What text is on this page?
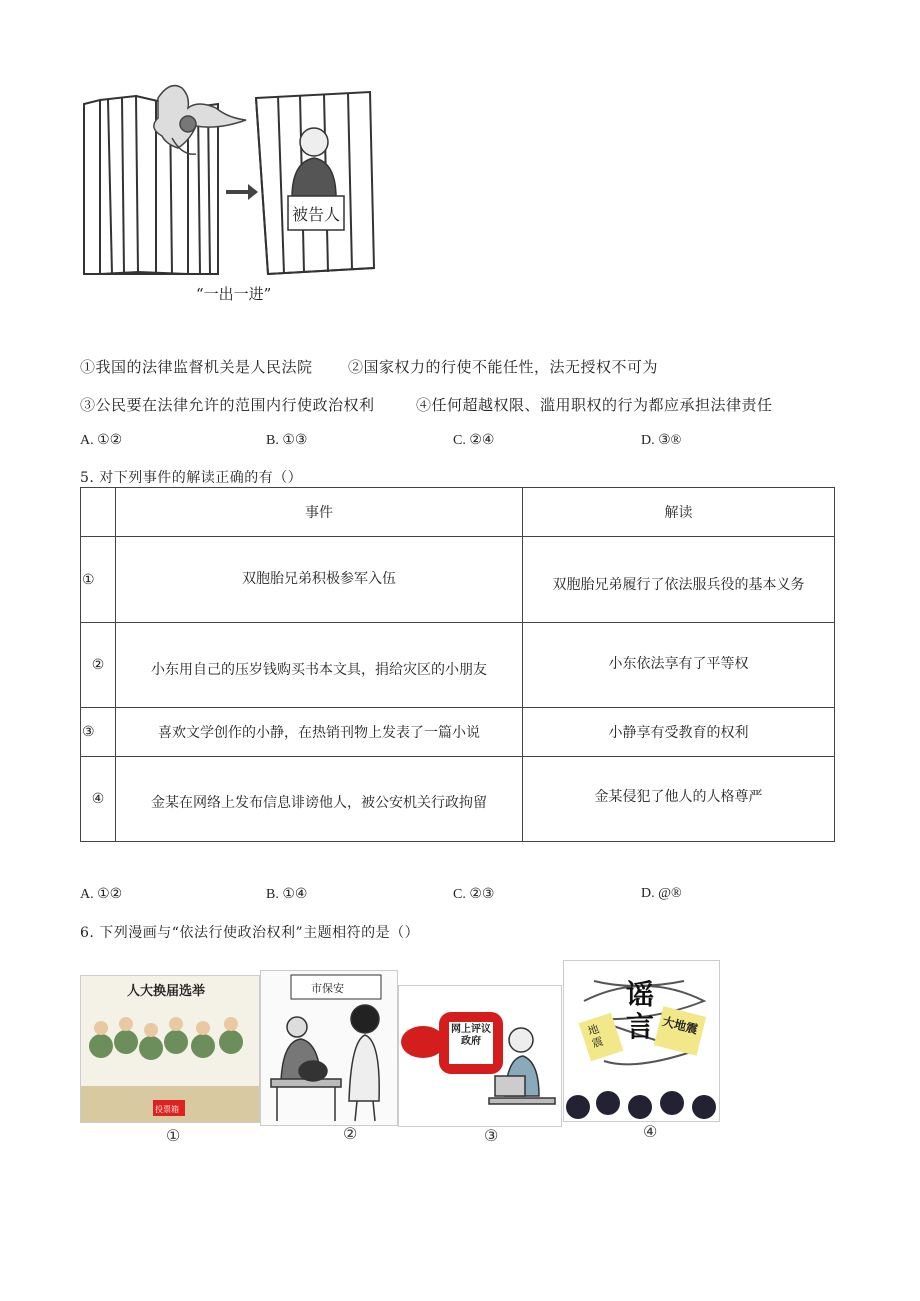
被告人
“一出一进”
①我国的法律监督机关是人民法院 ②国家权力的行使不能任性，法无授权不可为
③公民要在法律允许的范围内行使政治权利	④任何超越权限、滥用职权的行为都应承担法律责任
A. ①②	B. ①③	C. ②④	D. ③®
5. 对下列事件的解读正确的有（）
	事件	解读
①	双胞胎兄弟积极参军入伍	双胞胎兄弟履行了依法服兵役的基本义务
②	小东用自己的压岁钱购买书本文具，捐给灾区的小朋友	小东依法享有了平等权
③	喜欢文学创作的小静，在热销刊物上发表了一篇小说	小静享有受教育的权利
④	金某在网络上发布信息诽谤他人，被公安机关行政拘留	金某侵犯了他人的人格尊严
A. ①②	B. ①④	C. ②③	D. @®
6. 下列漫画与“依法行使政治权利”主题相符的是（）
人大换届选举
投票箱
①
市保安
②
网上评议政府
③
谣言
地震
大地震
④
